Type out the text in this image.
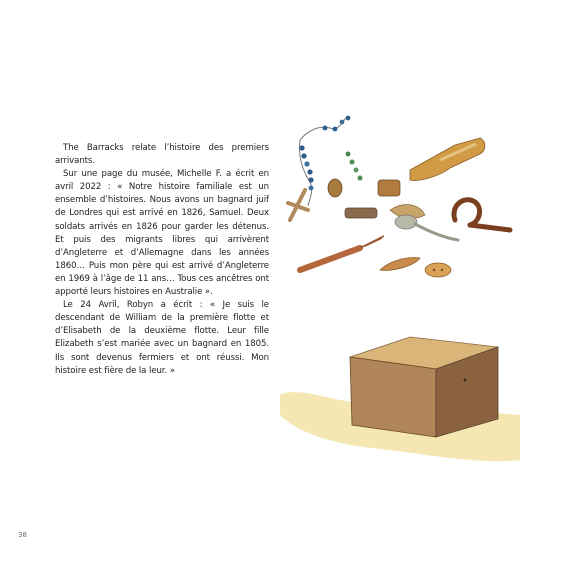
The Barracks relate l’histoire des premiers arrivants.

Sur une page du musée, Michelle F. a écrit en avril 2022 : « Notre histoire familiale est un ensemble d’histoires. Nous avons un bagnard juif de Londres qui est arrivé en 1826, Samuel. Deux soldats arrivés en 1826 pour garder les détenus. Et puis des migrants libres qui arrivèrent d’Angleterre et d’Allemagne dans les années 1860… Puis mon père qui est arrivé d’Angleterre en 1969 à l’âge de 11 ans… Tous ces ancêtres ont apporté leurs histoires en Australie ».

Le 24 Avril, Robyn a écrit : « Je suis le descendant de William de la première flotte et d’Elisabeth de la deuxième flotte. Leur fille Elizabeth s’est mariée avec un bagnard en 1805. Ils sont devenus fermiers et ont réussi. Mon histoire est fière de la leur. »

38
